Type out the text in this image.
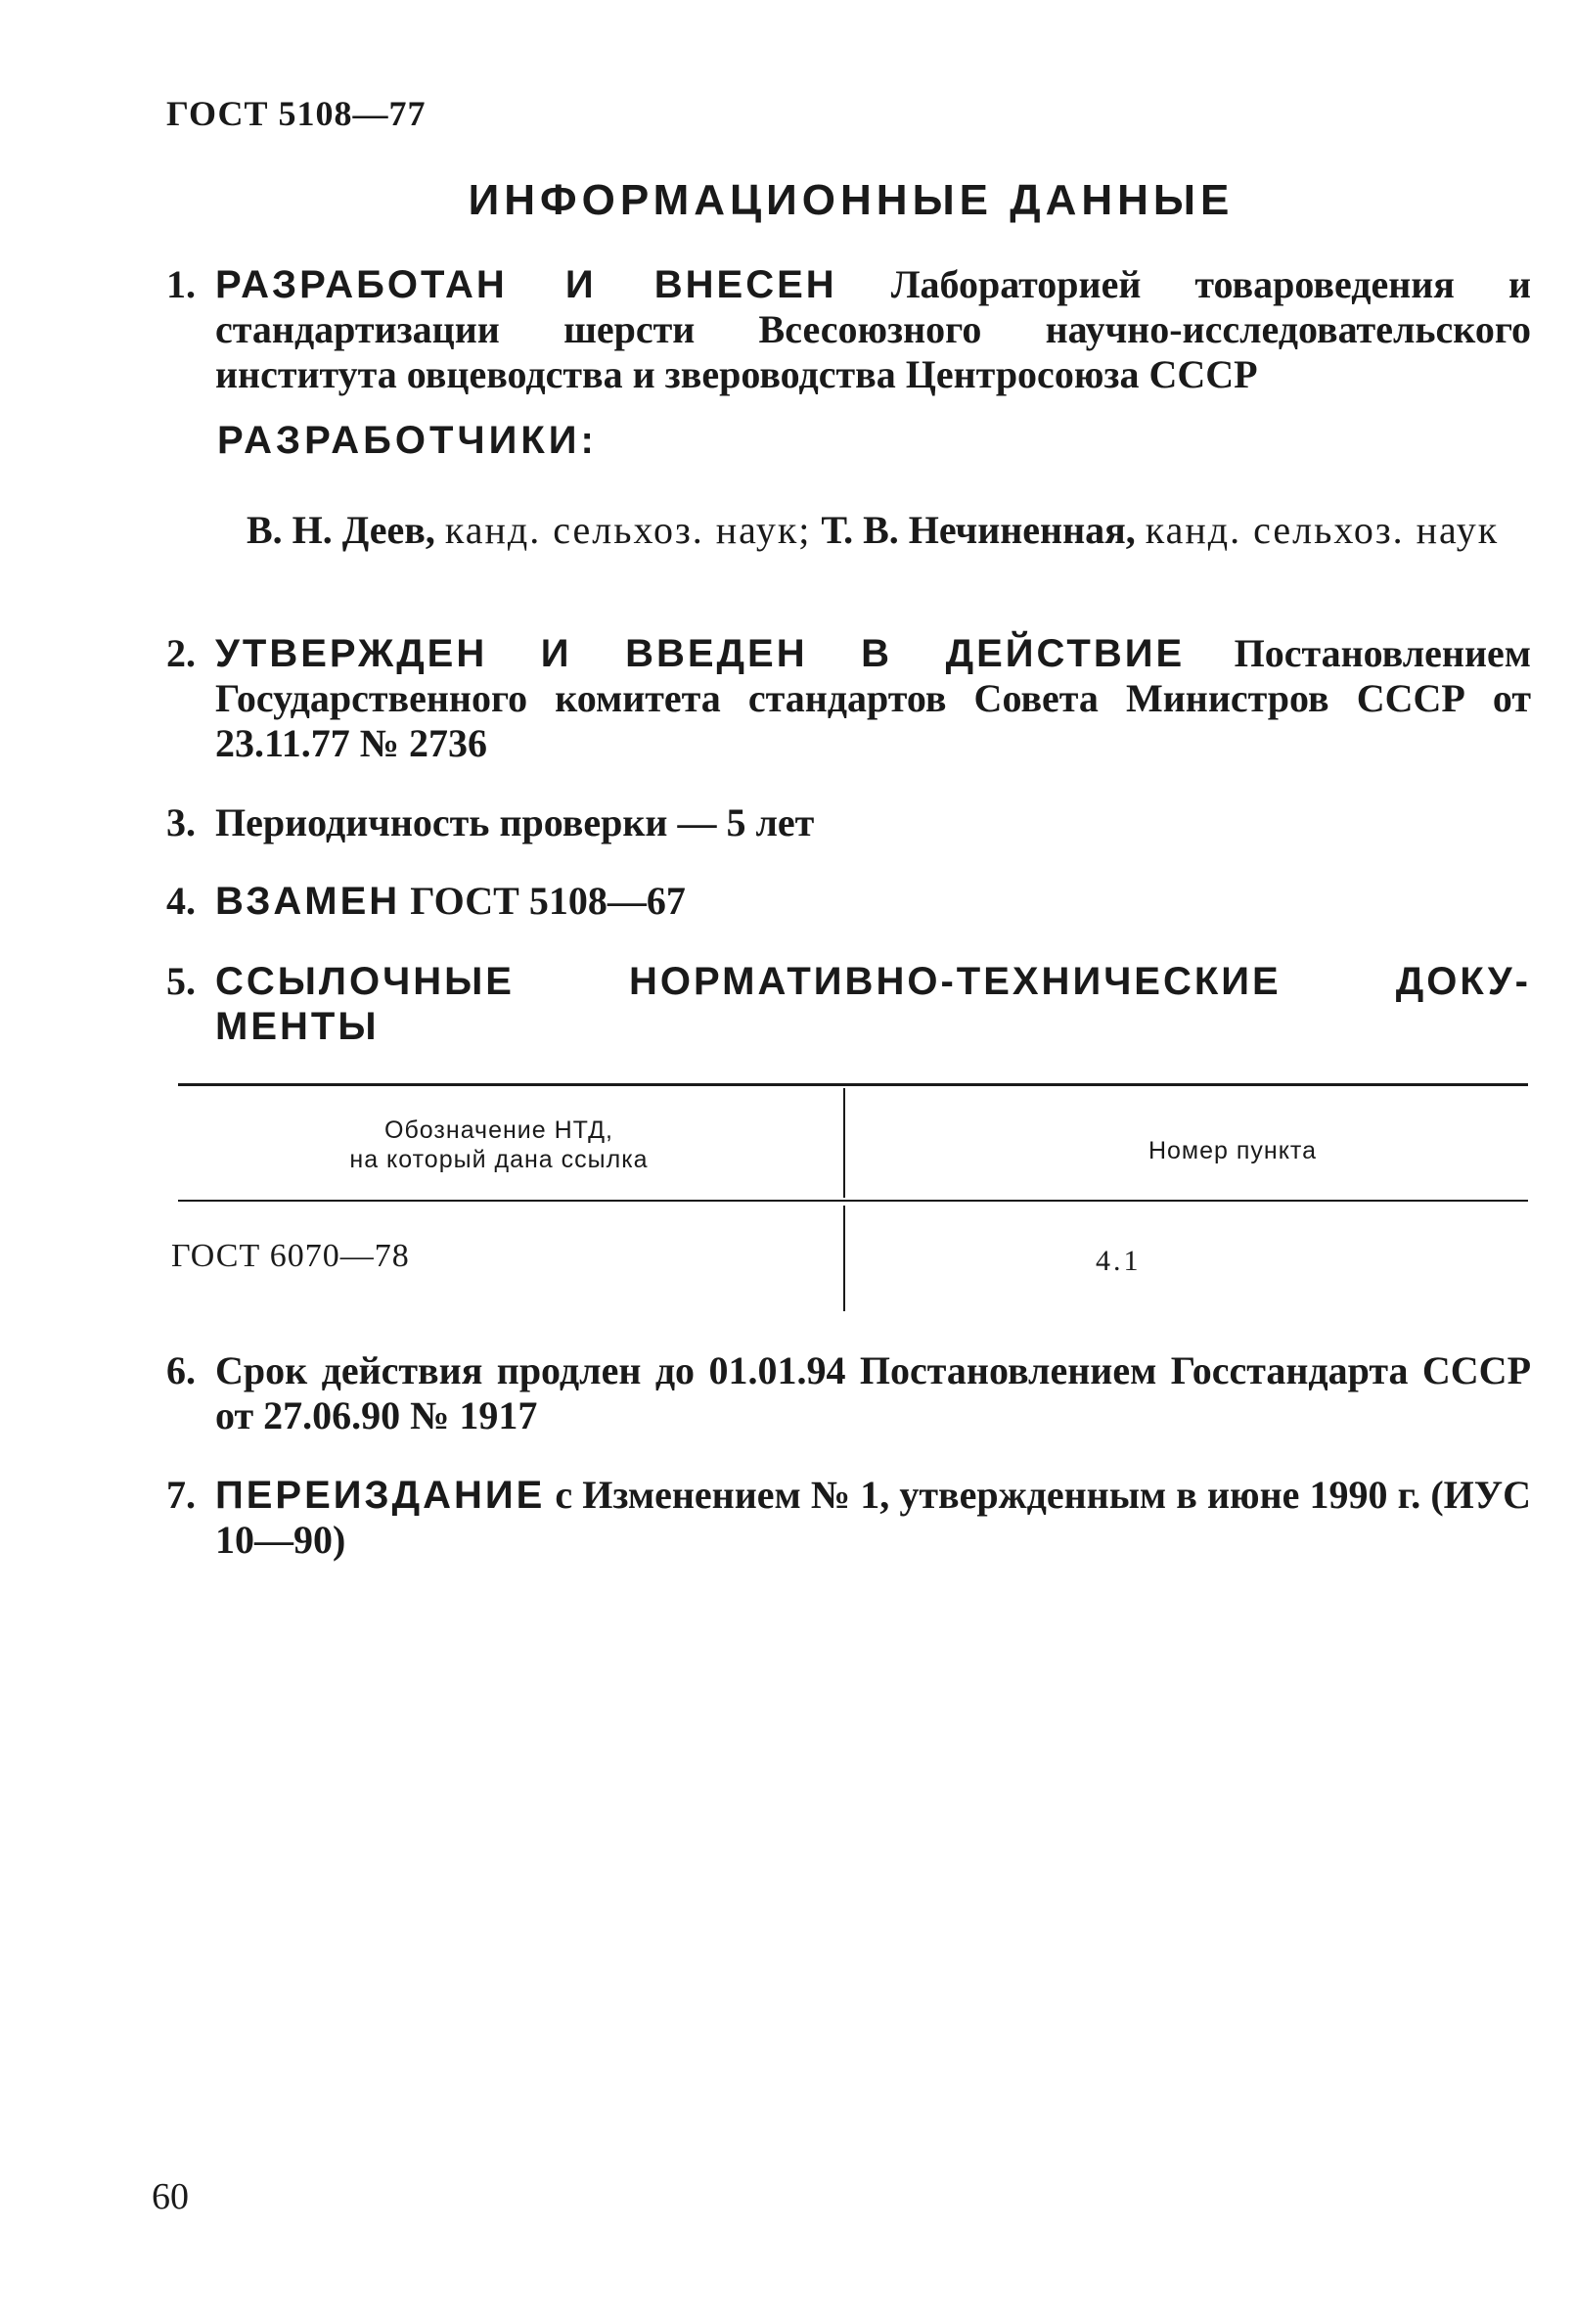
ГОСТ 5108—77
ИНФОРМАЦИОННЫЕ ДАННЫЕ
1. РАЗРАБОТАН И ВНЕСЕН Лабораторией товароведения и стандартизации шерсти Всесоюзного научно-исследовательского института овцеводства и звероводства Центросоюза СССР
РАЗРАБОТЧИКИ:
В. Н. Деев, канд. сельхоз. наук; Т. В. Нечиненная, канд. сельхоз. наук
2. УТВЕРЖДЕН И ВВЕДЕН В ДЕЙСТВИЕ Постановлением Государственного комитета стандартов Совета Министров СССР от 23.11.77 № 2736
3. Периодичность проверки — 5 лет
4. ВЗАМЕН ГОСТ 5108—67
5. ССЫЛОЧНЫЕ	НОРМАТИВНО-ТЕХНИЧЕСКИЕ	ДОКУ-
МЕНТЫ
Обозначение НТД,
на который дана ссылка	Номер пункта
ГОСТ 6070—78	4.1
6. Срок действия продлен до 01.01.94 Постановлением Госстандарта СССР от 27.06.90 № 1917
7. ПЕРЕИЗДАНИЕ с Изменением № 1, утвержденным в июне 1990 г. (ИУС 10—90)
60
